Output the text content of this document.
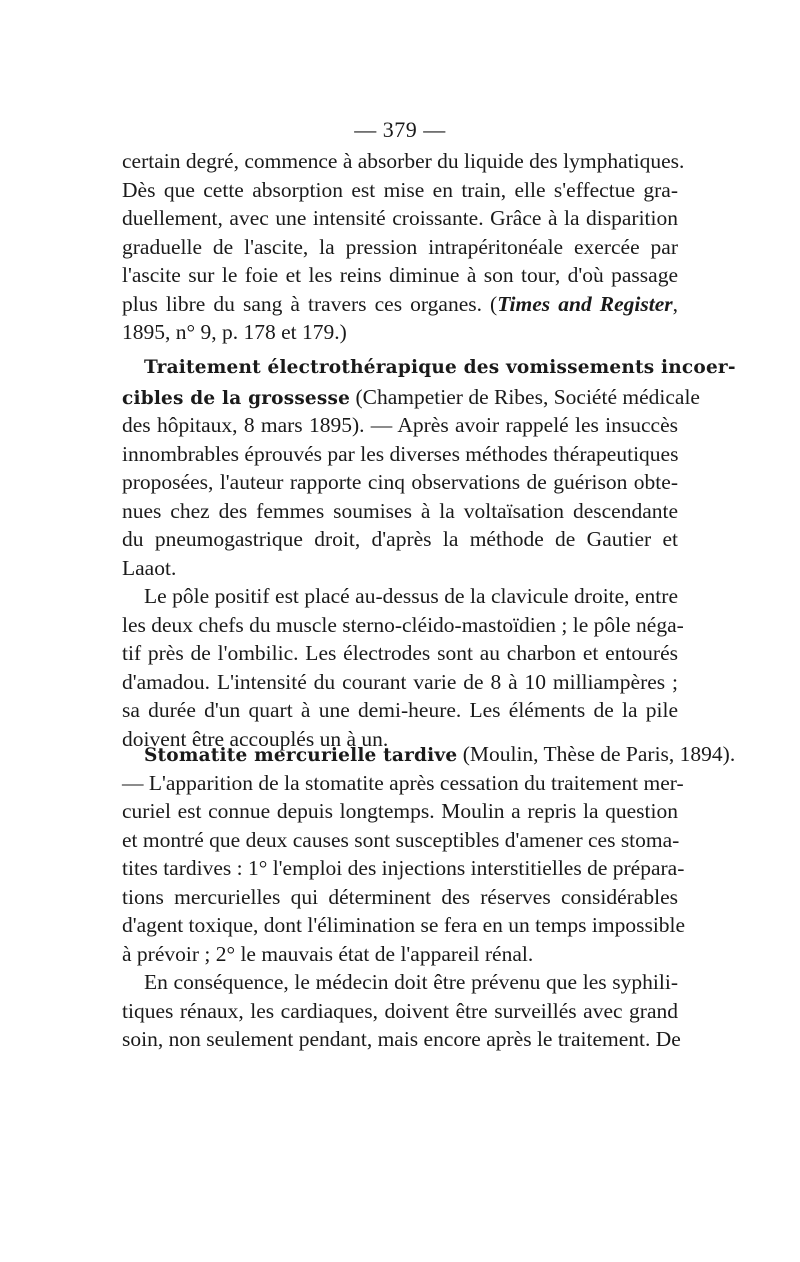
— 379 —
certain degré, commence à absorber du liquide des lymphatiques.
Dès que cette absorption est mise en train, elle s'effectue gra-
duellement, avec une intensité croissante. Grâce à la disparition
graduelle de l'ascite, la pression intrapéritonéale exercée par
l'ascite sur le foie et les reins diminue à son tour, d'où passage
plus libre du sang à travers ces organes. (Times and Register,
1895, n° 9, p. 178 et 179.)
Traitement électrothérapique des vomissements incoer-
cibles de la grossesse (Champetier de Ribes, Société médicale
des hôpitaux, 8 mars 1895). — Après avoir rappelé les insuccès
innombrables éprouvés par les diverses méthodes thérapeutiques
proposées, l'auteur rapporte cinq observations de guérison obte-
nues chez des femmes soumises à la voltaïsation descendante
du pneumogastrique droit, d'après la méthode de Gautier et
Laaot.
Le pôle positif est placé au-dessus de la clavicule droite, entre
les deux chefs du muscle sterno-cléido-mastoïdien ; le pôle néga-
tif près de l'ombilic. Les électrodes sont au charbon et entourés
d'amadou. L'intensité du courant varie de 8 à 10 milliampères ;
sa durée d'un quart à une demi-heure. Les éléments de la pile
doivent être accouplés un à un.
Stomatite mercurielle tardive (Moulin, Thèse de Paris, 1894).
— L'apparition de la stomatite après cessation du traitement mer-
curiel est connue depuis longtemps. Moulin a repris la question
et montré que deux causes sont susceptibles d'amener ces stoma-
tites tardives : 1° l'emploi des injections interstitielles de prépara-
tions mercurielles qui déterminent des réserves considérables
d'agent toxique, dont l'élimination se fera en un temps impossible
à prévoir ; 2° le mauvais état de l'appareil rénal.
En conséquence, le médecin doit être prévenu que les syphili-
tiques rénaux, les cardiaques, doivent être surveillés avec grand
soin, non seulement pendant, mais encore après le traitement. De
